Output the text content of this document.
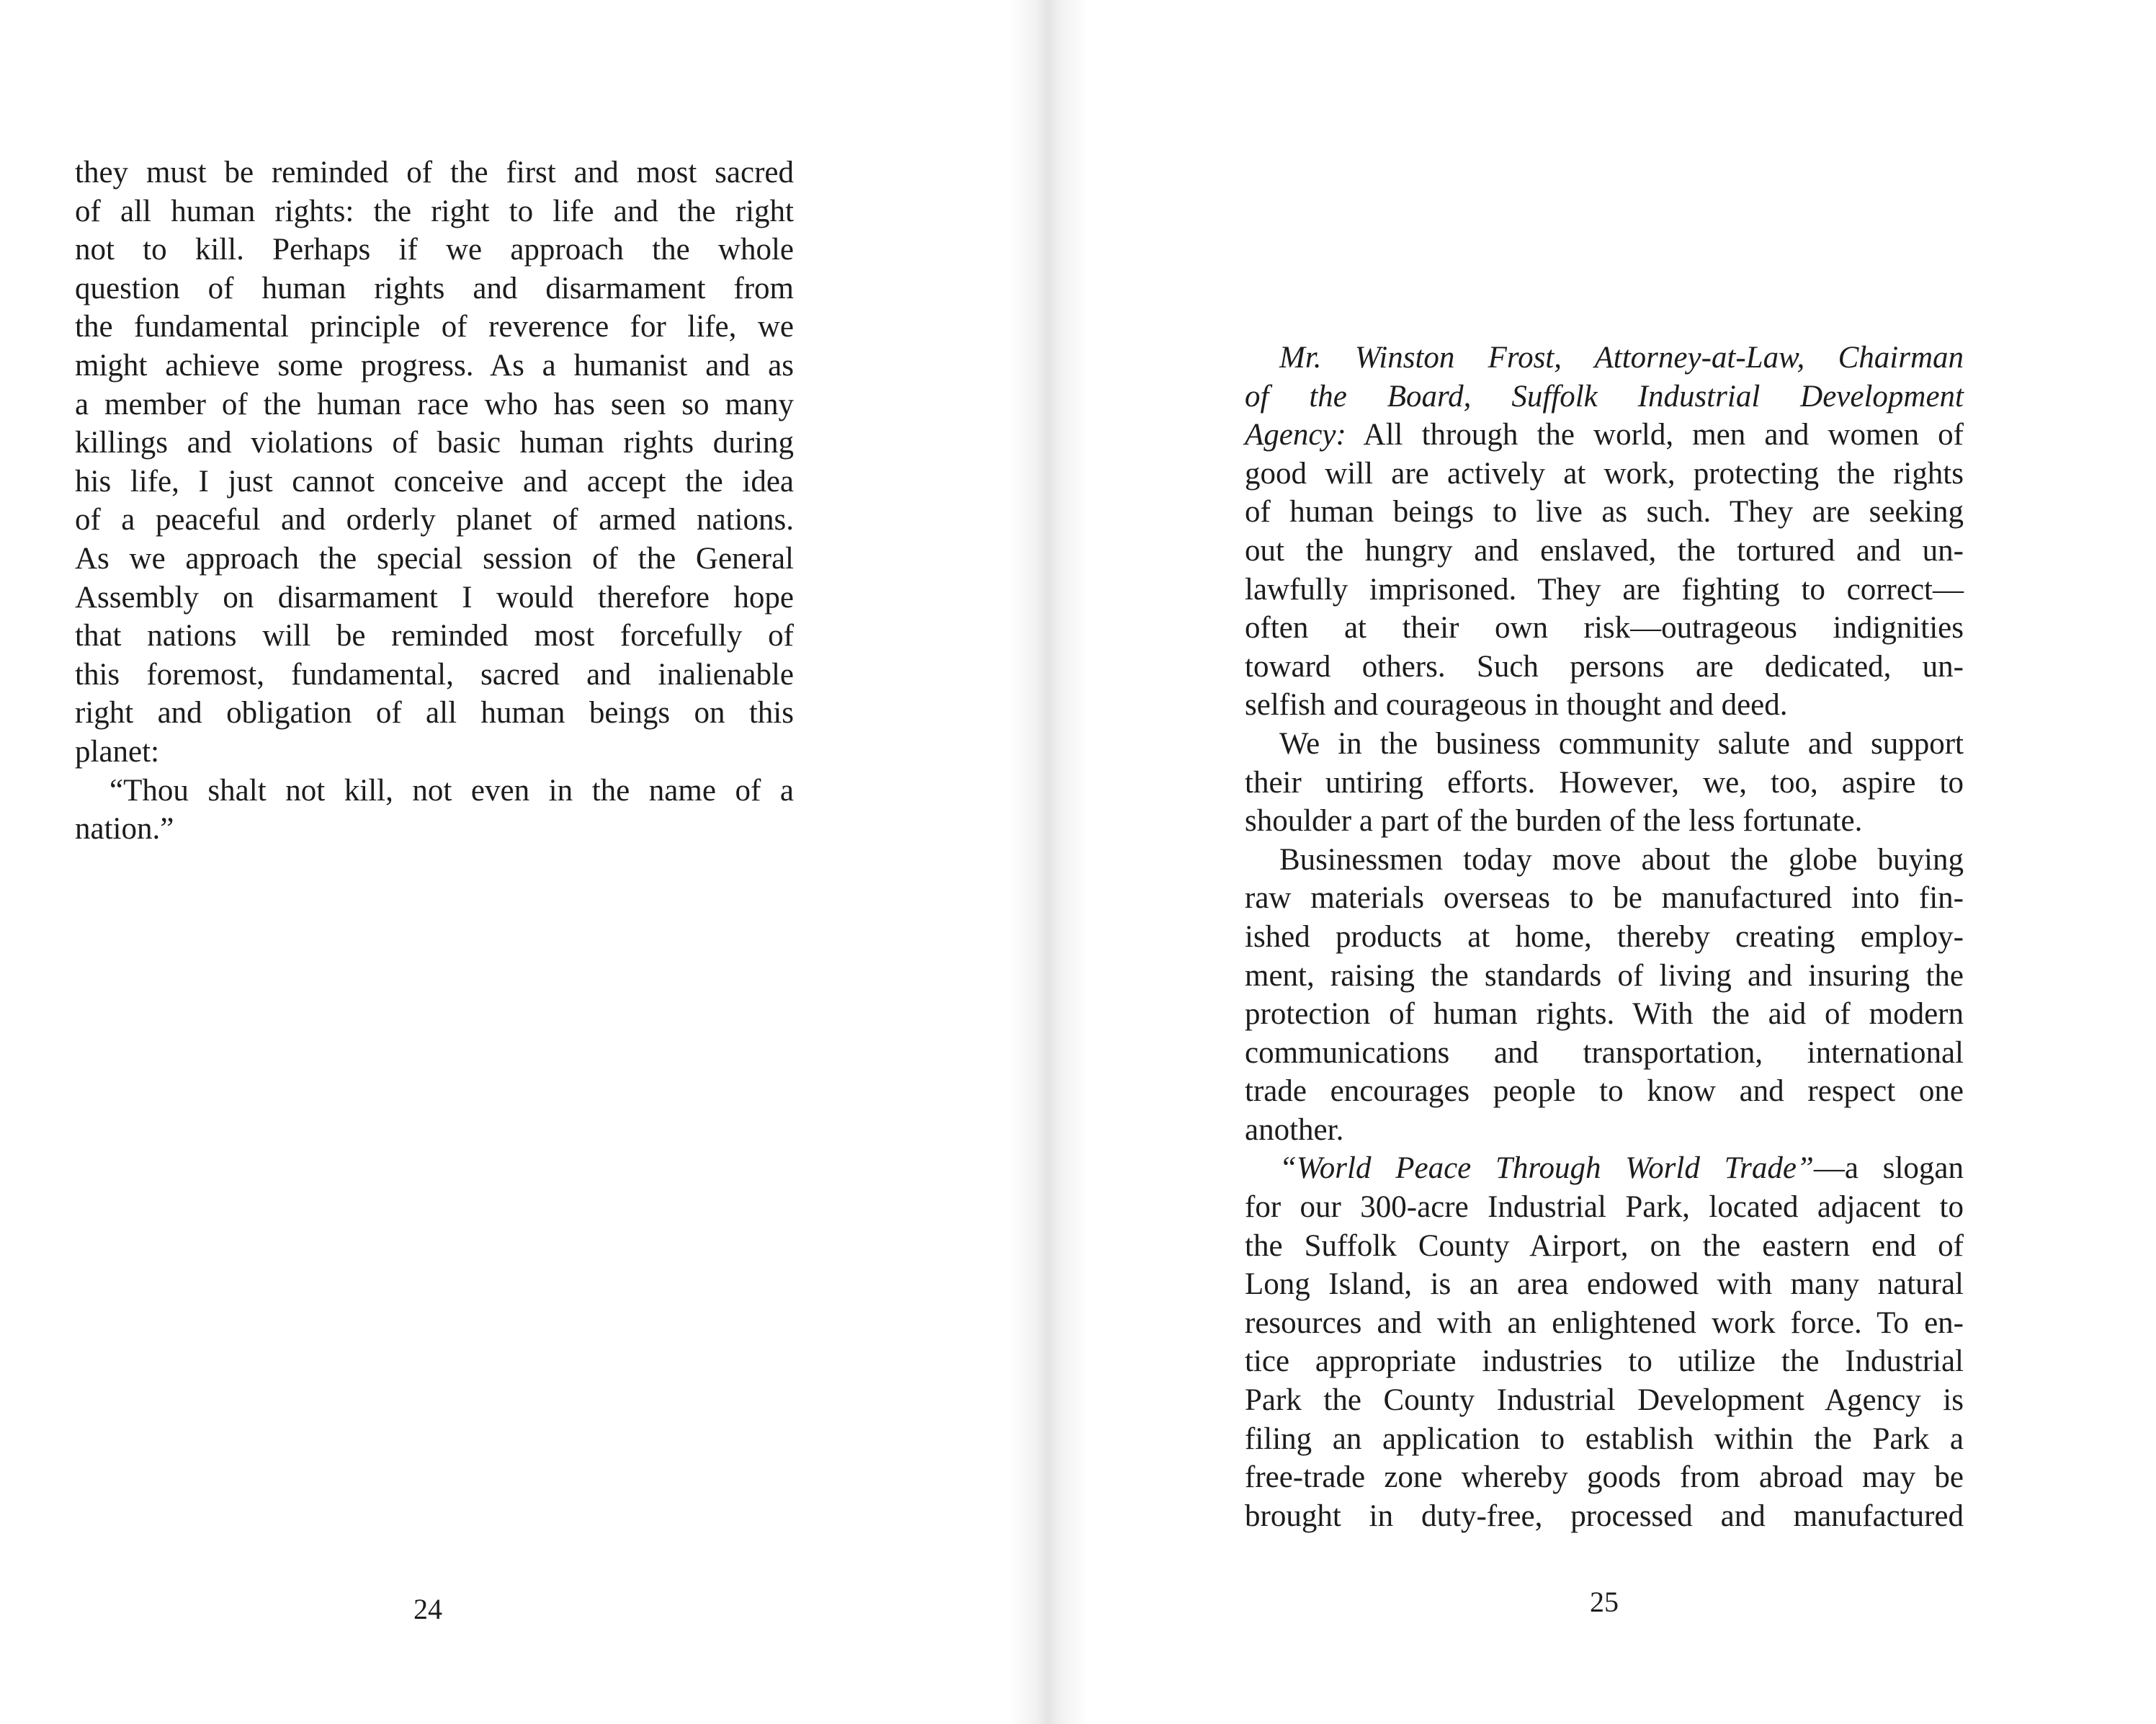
they must be reminded of the first and most sacred
of all human rights: the right to life and the right
not to kill. Perhaps if we approach the whole
question of human rights and disarmament from
the fundamental principle of reverence for life, we
might achieve some progress. As a humanist and as
a member of the human race who has seen so many
killings and violations of basic human rights during
his life, I just cannot conceive and accept the idea
of a peaceful and orderly planet of armed nations.
As we approach the special session of the General
Assembly on disarmament I would therefore hope
that nations will be reminded most forcefully of
this foremost, fundamental, sacred and inalienable
right and obligation of all human beings on this
planet:
“Thou shalt not kill, not even in the name of a
nation.”
24
Mr. Winston Frost, Attorney-at-Law, Chairman
of the Board, Suffolk Industrial Development
Agency: All through the world, men and women of
good will are actively at work, protecting the rights
of human beings to live as such. They are seeking
out the hungry and enslaved, the tortured and un-
lawfully imprisoned. They are fighting to correct—
often at their own risk—outrageous indignities
toward others. Such persons are dedicated, un-
selfish and courageous in thought and deed.
We in the business community salute and support
their untiring efforts. However, we, too, aspire to
shoulder a part of the burden of the less fortunate.
Businessmen today move about the globe buying
raw materials overseas to be manufactured into fin-
ished products at home, thereby creating employ-
ment, raising the standards of living and insuring the
protection of human rights. With the aid of modern
communications and transportation, international
trade encourages people to know and respect one
another.
“World Peace Through World Trade”—a slogan
for our 300-acre Industrial Park, located adjacent to
the Suffolk County Airport, on the eastern end of
Long Island, is an area endowed with many natural
resources and with an enlightened work force. To en-
tice appropriate industries to utilize the Industrial
Park the County Industrial Development Agency is
filing an application to establish within the Park a
free-trade zone whereby goods from abroad may be
brought in duty-free, processed and manufactured
25
